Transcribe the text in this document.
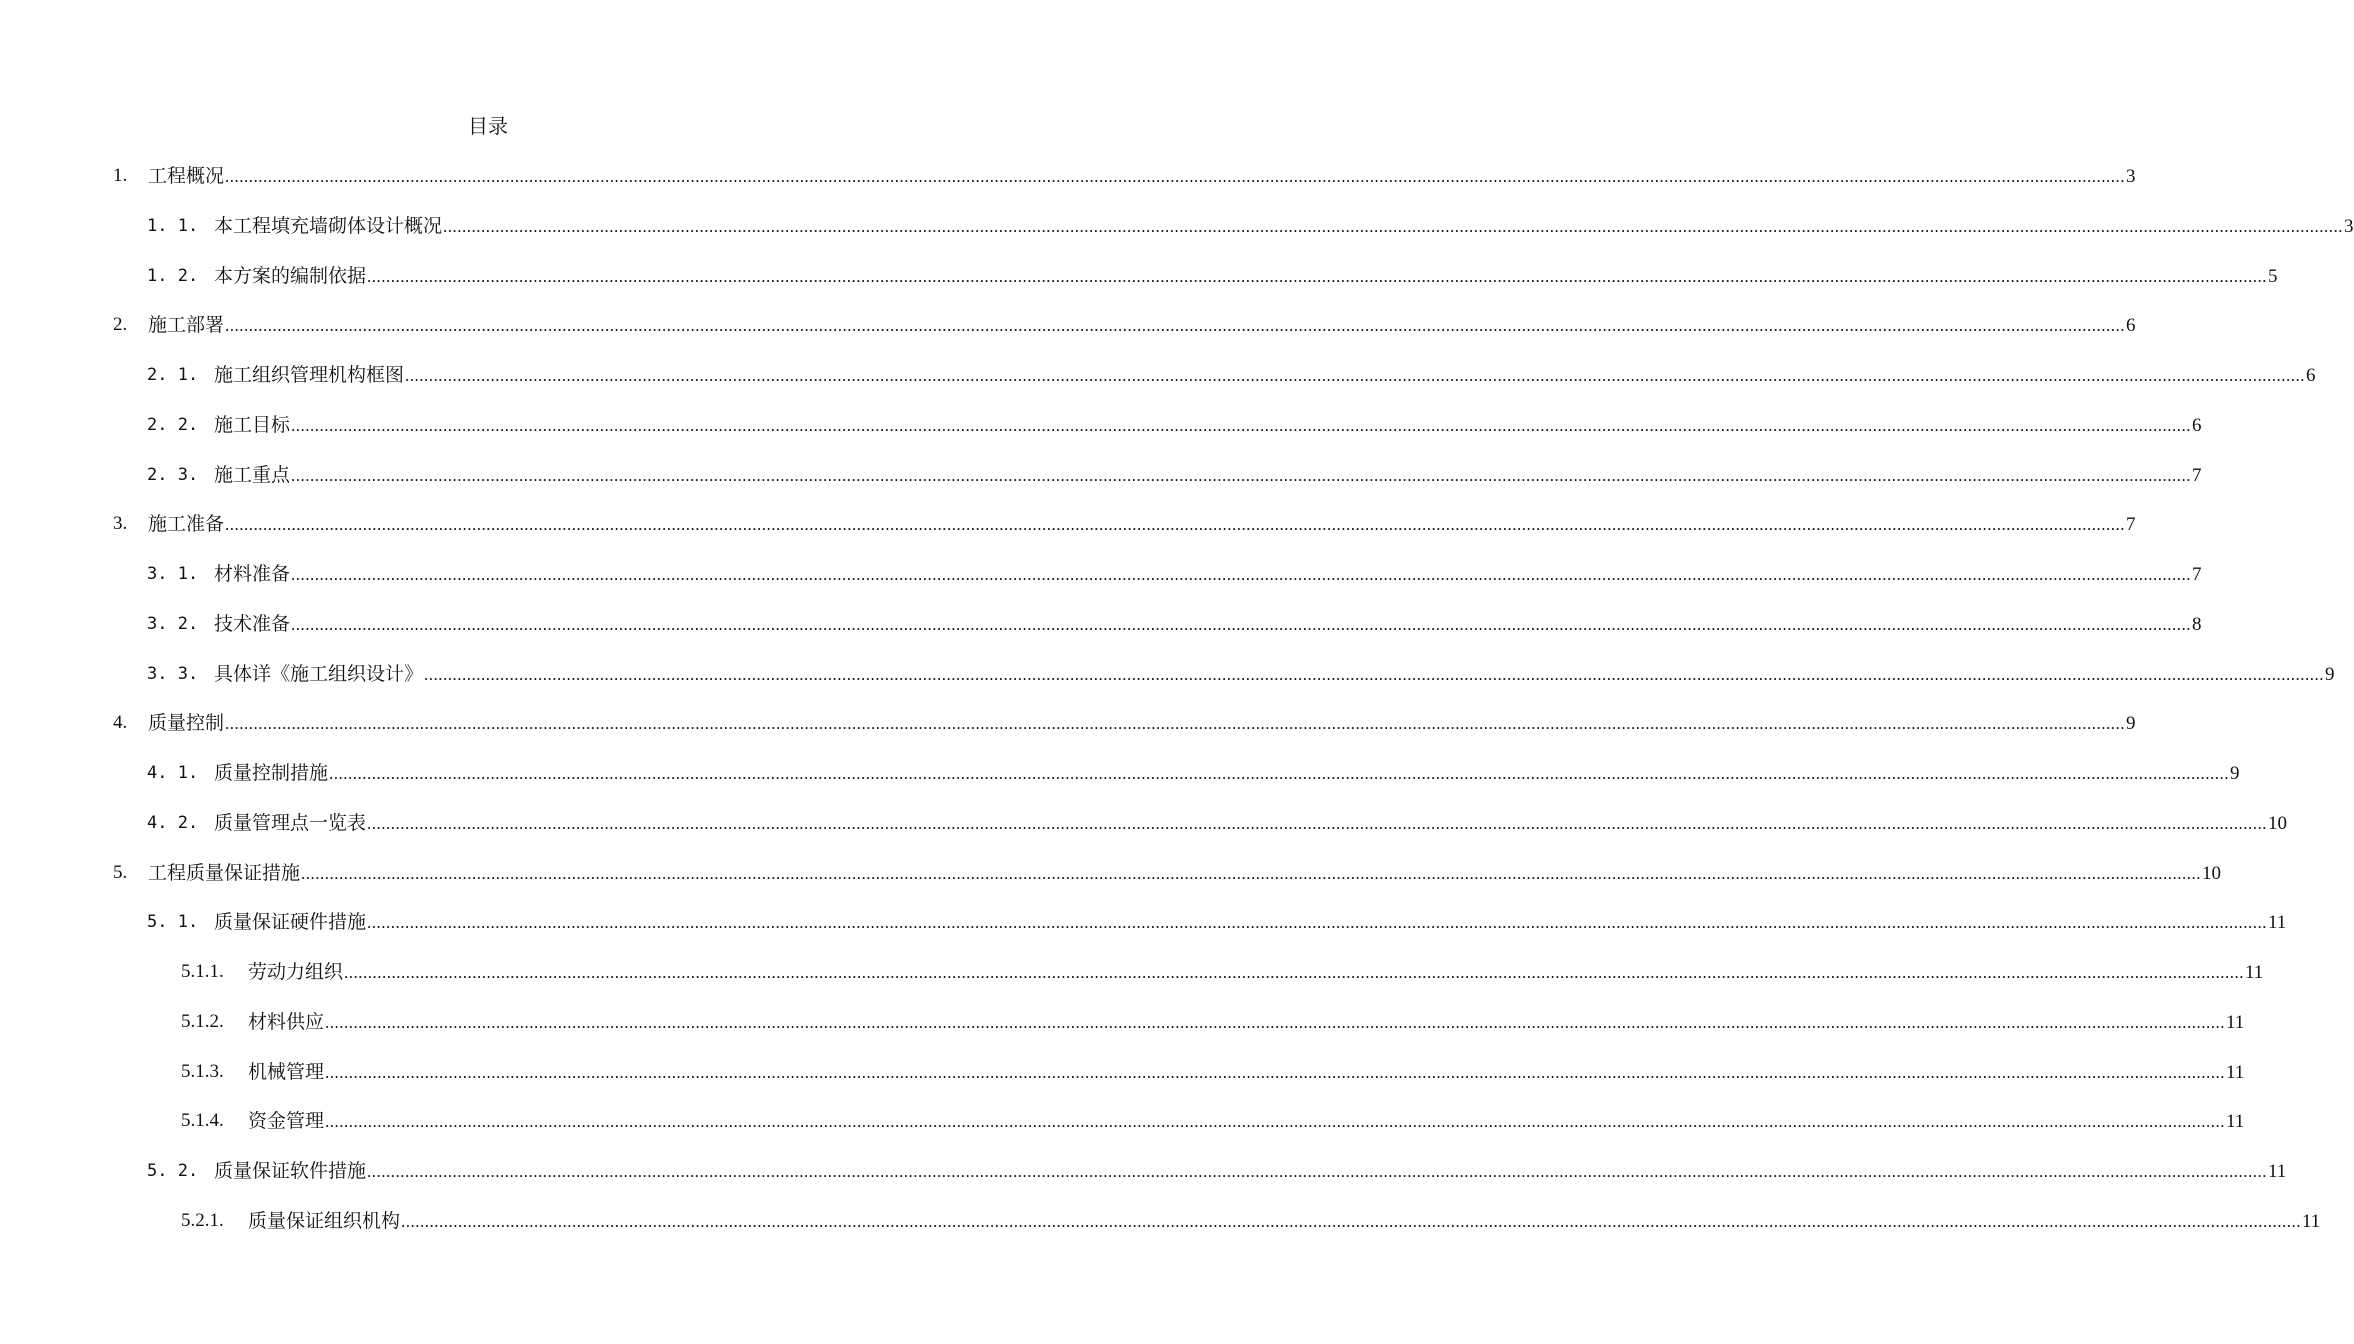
目录
1. 工程概况 ................................................................................................................................................................................................................................................................................................................................................................................................................ 3
1. 1. 本工程填充墙砌体设计概况 ................................................................................................................................................................................................................................................................................................................................................................................................................ 3
1. 2. 本方案的编制依据 ................................................................................................................................................................................................................................................................................................................................................................................................................ 5
2. 施工部署 ................................................................................................................................................................................................................................................................................................................................................................................................................ 6
2. 1. 施工组织管理机构框图 ................................................................................................................................................................................................................................................................................................................................................................................................................ 6
2. 2. 施工目标 ................................................................................................................................................................................................................................................................................................................................................................................................................ 6
2. 3. 施工重点 ................................................................................................................................................................................................................................................................................................................................................................................................................ 7
3. 施工准备 ................................................................................................................................................................................................................................................................................................................................................................................................................ 7
3. 1. 材料准备 ................................................................................................................................................................................................................................................................................................................................................................................................................ 7
3. 2. 技术准备 ................................................................................................................................................................................................................................................................................................................................................................................................................ 8
3. 3. 具体详《施工组织设计》 ................................................................................................................................................................................................................................................................................................................................................................................................................ 9
4. 质量控制 ................................................................................................................................................................................................................................................................................................................................................................................................................ 9
4. 1. 质量控制措施 ................................................................................................................................................................................................................................................................................................................................................................................................................ 9
4. 2. 质量管理点一览表 ................................................................................................................................................................................................................................................................................................................................................................................................................ 10
5. 工程质量保证措施 ................................................................................................................................................................................................................................................................................................................................................................................................................ 10
5. 1. 质量保证硬件措施 ................................................................................................................................................................................................................................................................................................................................................................................................................ 11
5.1.1. 劳动力组织 ................................................................................................................................................................................................................................................................................................................................................................................................................ 11
5.1.2. 材料供应 ................................................................................................................................................................................................................................................................................................................................................................................................................ 11
5.1.3. 机械管理 ................................................................................................................................................................................................................................................................................................................................................................................................................ 11
5.1.4. 资金管理 ................................................................................................................................................................................................................................................................................................................................................................................................................ 11
5. 2. 质量保证软件措施 ................................................................................................................................................................................................................................................................................................................................................................................................................ 11
5.2.1. 质量保证组织机构 ................................................................................................................................................................................................................................................................................................................................................................................................................ 11
